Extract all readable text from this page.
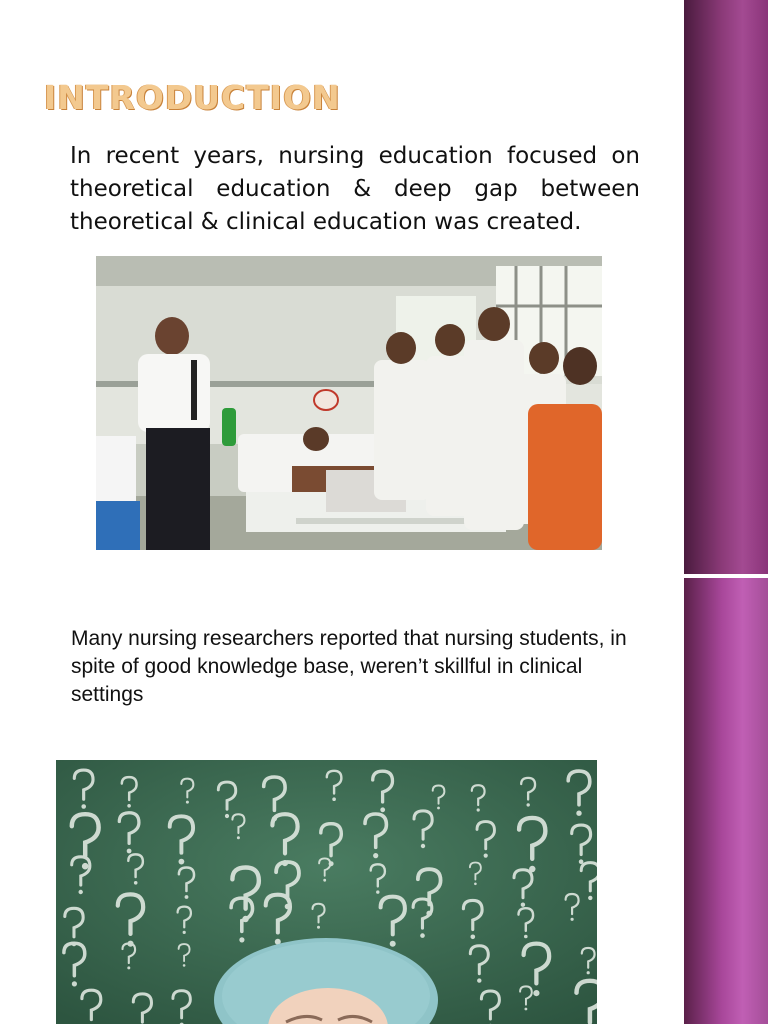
INTRODUCTION

In recent years, nursing education focused on theoretical education & deep gap between theoretical & clinical education was created.

Many nursing researchers reported that nursing students, in spite of good knowledge base, weren’t skillful in clinical settings
